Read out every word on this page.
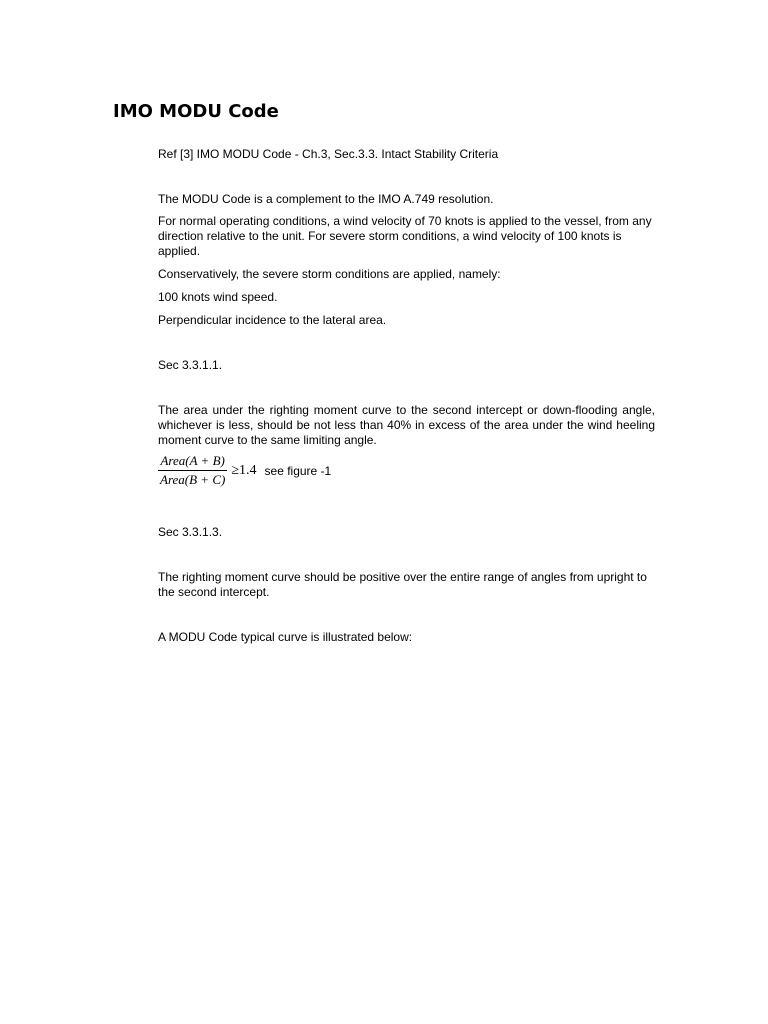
IMO MODU Code

Ref [3] IMO MODU Code - Ch.3, Sec.3.3. Intact Stability Criteria

The MODU Code is a complement to the IMO A.749 resolution.

For normal operating conditions, a wind velocity of 70 knots is applied to the vessel, from any direction relative to the unit. For severe storm conditions, a wind velocity of 100 knots is applied.

Conservatively, the severe storm conditions are applied, namely:

100 knots wind speed.

Perpendicular incidence to the lateral area.

Sec 3.3.1.1.

The area under the righting moment curve to the second intercept or down-flooding angle, whichever is less, should be not less than 40% in excess of the area under the wind heeling moment curve to the same limiting angle.

$\frac{\text{Area(A + B)}}{\text{Area(B + C)}} \ge 1.4$ see figure -1

Sec 3.3.1.3.

The righting moment curve should be positive over the entire range of angles from upright to the second intercept.

A MODU Code typical curve is illustrated below:
